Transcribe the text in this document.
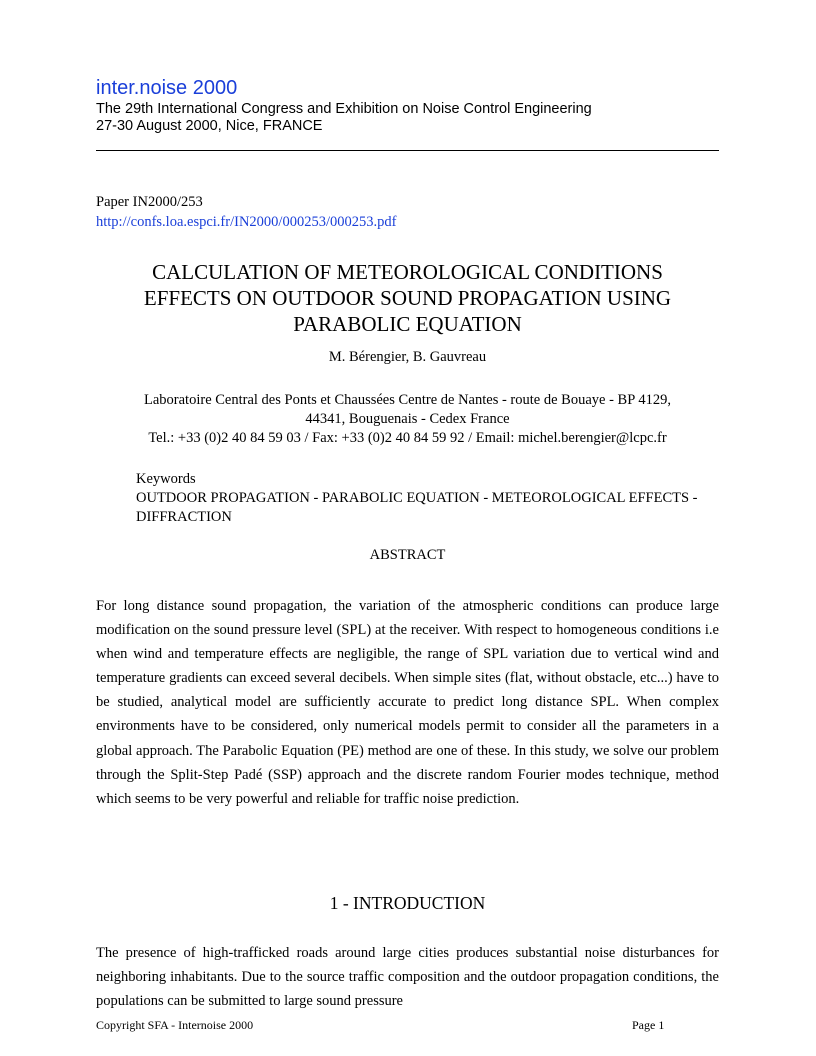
inter.noise 2000
The 29th International Congress and Exhibition on Noise Control Engineering
27-30 August 2000, Nice, FRANCE
Paper IN2000/253
http://confs.loa.espci.fr/IN2000/000253/000253.pdf
CALCULATION OF METEOROLOGICAL CONDITIONS
EFFECTS ON OUTDOOR SOUND PROPAGATION USING
PARABOLIC EQUATION
M. Bérengier, B. Gauvreau
Laboratoire Central des Ponts et Chaussées Centre de Nantes - route de Bouaye - BP 4129,
44341, Bouguenais - Cedex France
Tel.: +33 (0)2 40 84 59 03 / Fax: +33 (0)2 40 84 59 92 / Email: michel.berengier@lcpc.fr
Keywords
OUTDOOR PROPAGATION - PARABOLIC EQUATION - METEOROLOGICAL EFFECTS - DIFFRACTION
ABSTRACT
For long distance sound propagation, the variation of the atmospheric conditions can produce large modification on the sound pressure level (SPL) at the receiver. With respect to homogeneous conditions i.e when wind and temperature effects are negligible, the range of SPL variation due to vertical wind and temperature gradients can exceed several decibels. When simple sites (flat, without obstacle, etc...) have to be studied, analytical model are sufficiently accurate to predict long distance SPL. When complex environments have to be considered, only numerical models permit to consider all the parameters in a global approach. The Parabolic Equation (PE) method are one of these. In this study, we solve our problem through the Split-Step Padé (SSP) approach and the discrete random Fourier modes technique, method which seems to be very powerful and reliable for traffic noise prediction.
1 - INTRODUCTION
The presence of high-trafficked roads around large cities produces substantial noise disturbances for neighboring inhabitants. Due to the source traffic composition and the outdoor propagation conditions, the populations can be submitted to large sound pressure
Copyright SFA - Internoise 2000	Page 1
